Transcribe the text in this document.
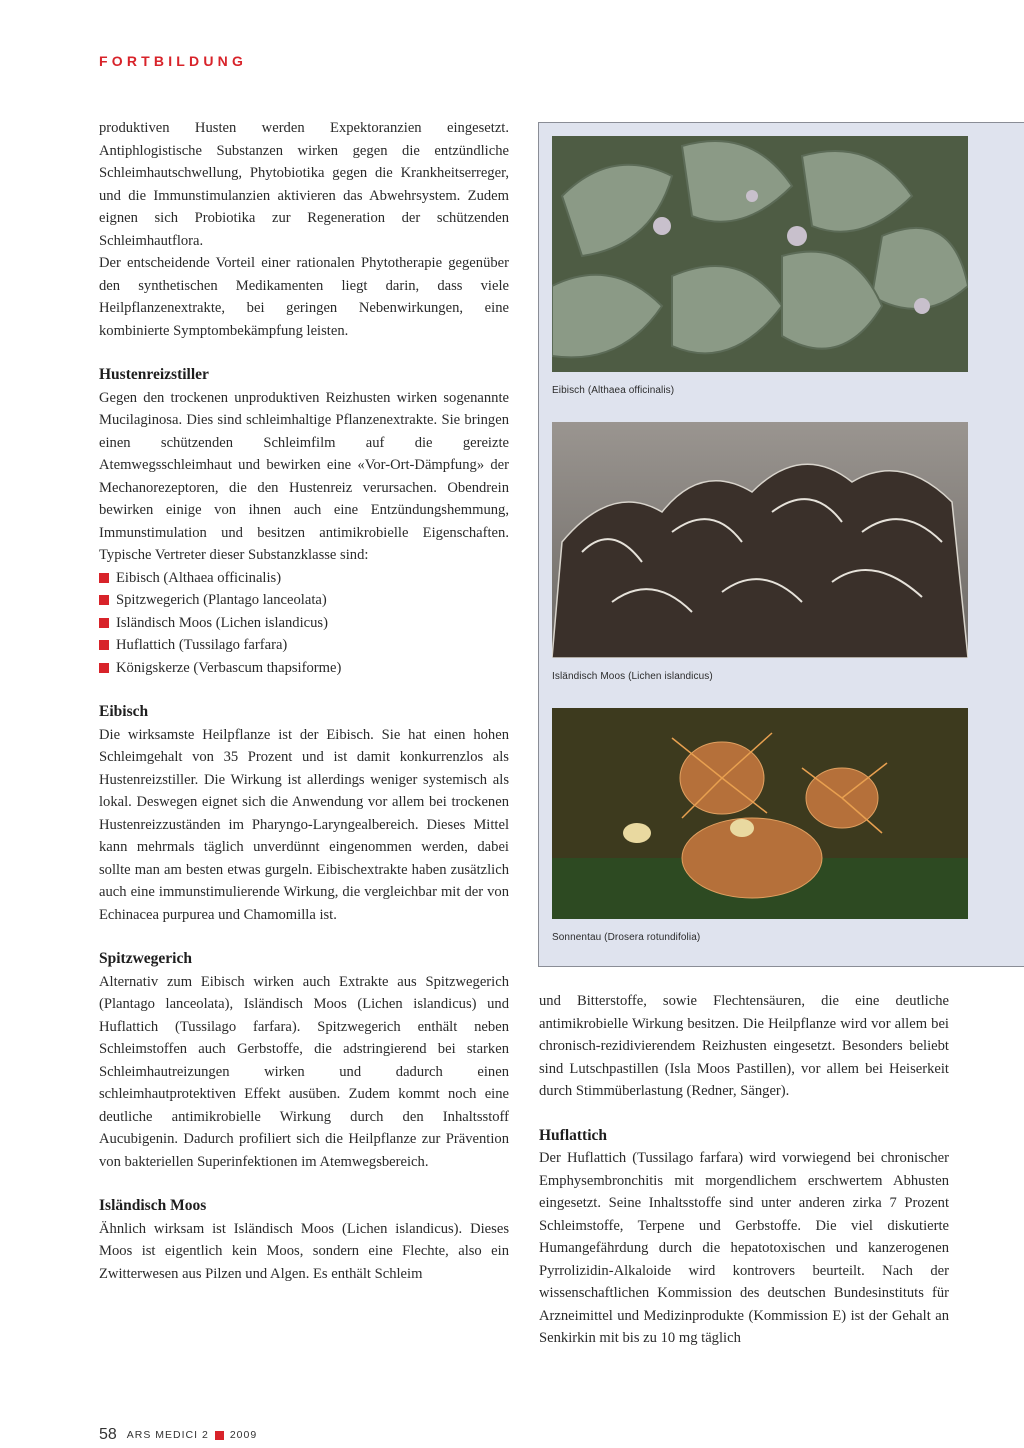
FORTBILDUNG

produktiven Husten werden Expektoranzien eingesetzt. Antiphlogistische Substanzen wirken gegen die entzündliche Schleimhautschwellung, Phytobiotika gegen die Krankheitserreger, und die Immunstimulanzien aktivieren das Abwehrsystem. Zudem eignen sich Probiotika zur Regeneration der schützenden Schleimhautflora.

Der entscheidende Vorteil einer rationalen Phytotherapie gegenüber den synthetischen Medikamenten liegt darin, dass viele Heilpflanzenextrakte, bei geringen Nebenwirkungen, eine kombinierte Symptombekämpfung leisten.

Hustenreizstiller

Gegen den trockenen unproduktiven Reizhusten wirken sogenannte Mucilaginosa. Dies sind schleimhaltige Pflanzenextrakte. Sie bringen einen schützenden Schleimfilm auf die gereizte Atemwegsschleimhaut und bewirken eine «Vor-Ort-Dämpfung» der Mechanorezeptoren, die den Hustenreiz verursachen. Obendrein bewirken einige von ihnen auch eine Entzündungshemmung, Immunstimulation und besitzen antimikrobielle Eigenschaften. Typische Vertreter dieser Substanzklasse sind:

Eibisch (Althaea officinalis)
Spitzwegerich (Plantago lanceolata)
Isländisch Moos (Lichen islandicus)
Huflattich (Tussilago farfara)
Königskerze (Verbascum thapsiforme)
Eibisch

Die wirksamste Heilpflanze ist der Eibisch. Sie hat einen hohen Schleimgehalt von 35 Prozent und ist damit konkurrenzlos als Hustenreizstiller. Die Wirkung ist allerdings weniger systemisch als lokal. Deswegen eignet sich die Anwendung vor allem bei trockenen Hustenreizzuständen im Pharyngo-Laryngealbereich. Dieses Mittel kann mehrmals täglich unverdünnt eingenommen werden, dabei sollte man am besten etwas gurgeln. Eibischextrakte haben zusätzlich auch eine immunstimulierende Wirkung, die vergleichbar mit der von Echinacea purpurea und Chamomilla ist.

Spitzwegerich

Alternativ zum Eibisch wirken auch Extrakte aus Spitzwegerich (Plantago lanceolata), Isländisch Moos (Lichen islandicus) und Huflattich (Tussilago farfara). Spitzwegerich enthält neben Schleimstoffen auch Gerbstoffe, die adstringierend bei starken Schleimhautreizungen wirken und dadurch einen schleimhautprotektiven Effekt ausüben. Zudem kommt noch eine deutliche antimikrobielle Wirkung durch den Inhaltsstoff Aucubigenin. Dadurch profiliert sich die Heilpflanze zur Prävention von bakteriellen Superinfektionen im Atemwegsbereich.

Isländisch Moos

Ähnlich wirksam ist Isländisch Moos (Lichen islandicus). Dieses Moos ist eigentlich kein Moos, sondern eine Flechte, also ein Zwitterwesen aus Pilzen und Algen. Es enthält Schleim

Eibisch (Althaea officinalis)
Isländisch Moos (Lichen islandicus)
Sonnentau (Drosera rotundifolia)

und Bitterstoffe, sowie Flechtensäuren, die eine deutliche antimikrobielle Wirkung besitzen. Die Heilpflanze wird vor allem bei chronisch-rezidivierendem Reizhusten eingesetzt. Besonders beliebt sind Lutschpastillen (Isla Moos Pastillen), vor allem bei Heiserkeit durch Stimmüberlastung (Redner, Sänger).

Huflattich

Der Huflattich (Tussilago farfara) wird vorwiegend bei chronischer Emphysembronchitis mit morgendlichem erschwertem Abhusten eingesetzt. Seine Inhaltsstoffe sind unter anderen zirka 7 Prozent Schleimstoffe, Terpene und Gerbstoffe. Die viel diskutierte Humangefährdung durch die hepatotoxischen und kanzerogenen Pyrrolizidin-Alkaloide wird kontrovers beurteilt. Nach der wissenschaftlichen Kommission des deutschen Bundesinstituts für Arzneimittel und Medizinprodukte (Kommission E) ist der Gehalt an Senkirkin mit bis zu 10 mg täglich

58 ARS MEDICI 2 2009
